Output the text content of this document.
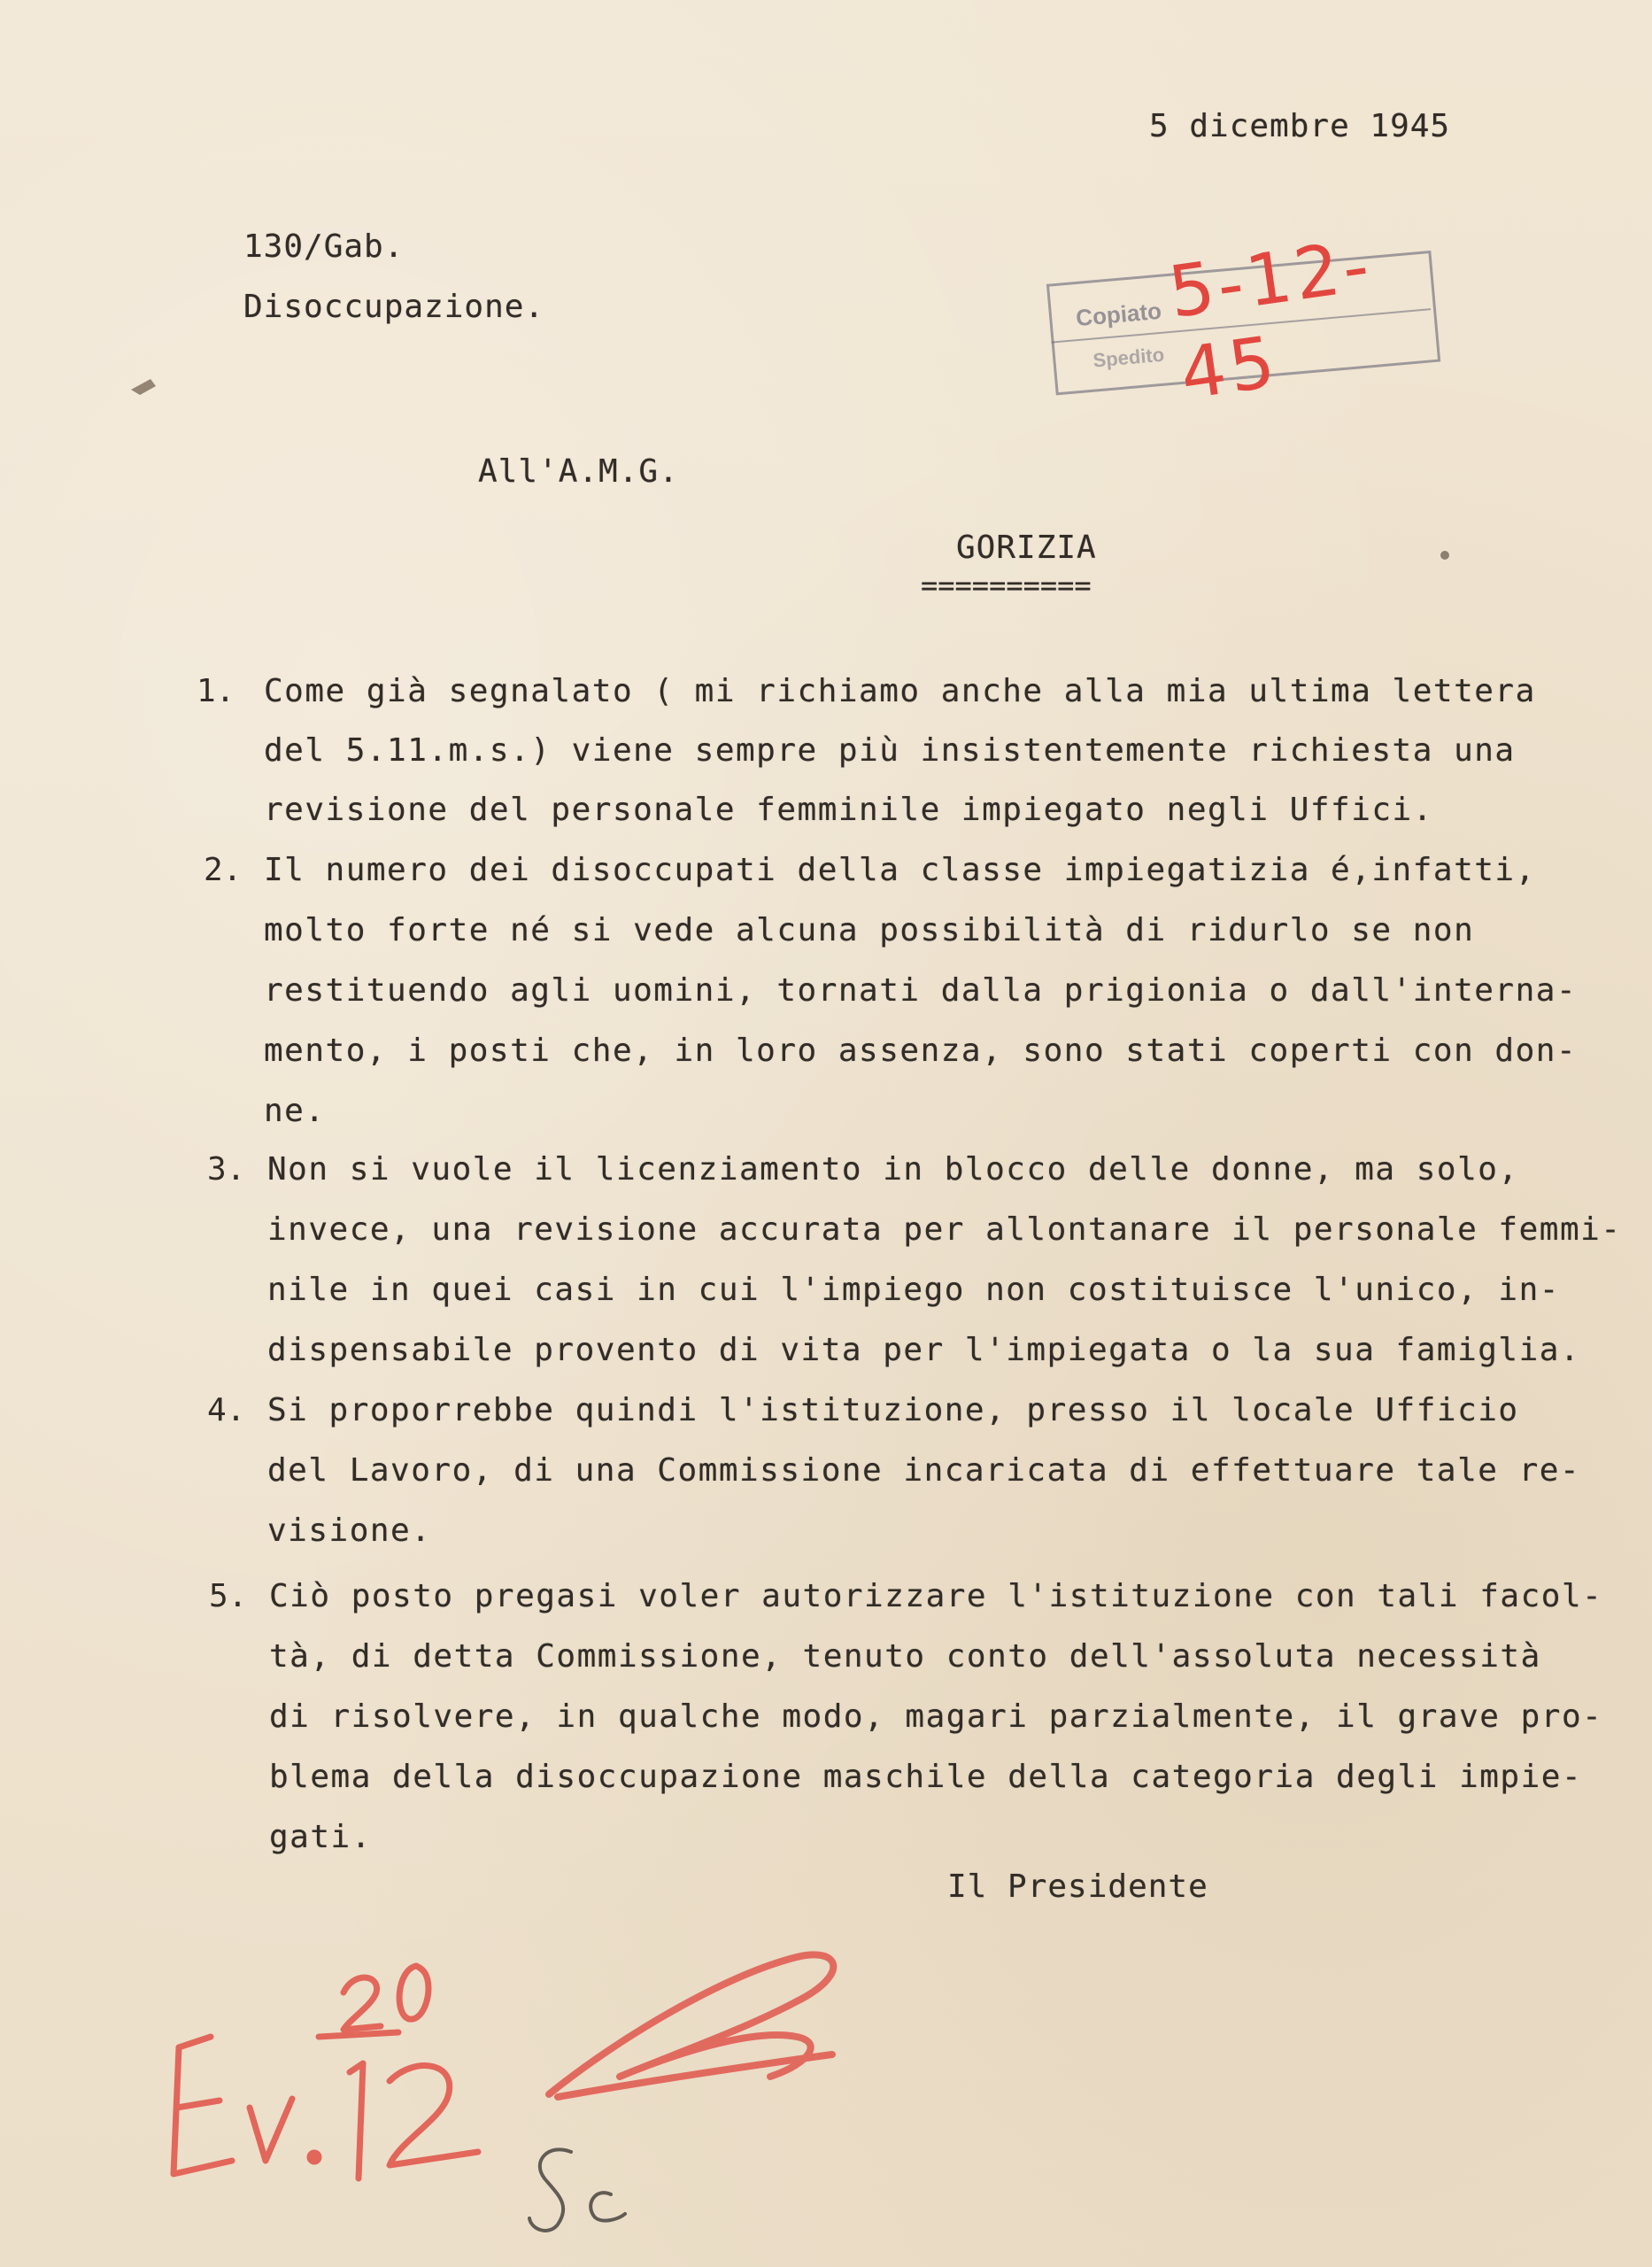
5 dicembre 1945
130/Gab.
Disoccupazione.	Copiato
Spedito
5-12-45
All'A.M.G.
GORIZIA
==========
1. Come già segnalato ( mi richiamo anche alla mia ultima lettera
del 5.11.m.s.) viene sempre più insistentemente richiesta una
revisione del personale femminile impiegato negli Uffici.
2. Il numero dei disoccupati della classe impiegatizia é,infatti,
molto forte né si vede alcuna possibilità di ridurlo se non
restituendo agli uomini, tornati dalla prigionia o dall'interna-
mento, i posti che, in loro assenza, sono stati coperti con don-
ne.
3. Non si vuole il licenziamento in blocco delle donne, ma solo,
invece, una revisione accurata per allontanare il personale femmi-
nile in quei casi in cui l'impiego non costituisce l'unico, in-
dispensabile provento di vita per l'impiegata o la sua famiglia.
4. Si proporrebbe quindi l'istituzione, presso il locale Ufficio
del Lavoro, di una Commissione incaricata di effettuare tale re-
visione.
5. Ciò posto pregasi voler autorizzare l'istituzione con tali facol-
tà, di detta Commissione, tenuto conto dell'assoluta necessità
di risolvere, in qualche modo, magari parzialmente, il grave pro-
blema della disoccupazione maschile della categoria degli impie-
gati.
Il Presidente
